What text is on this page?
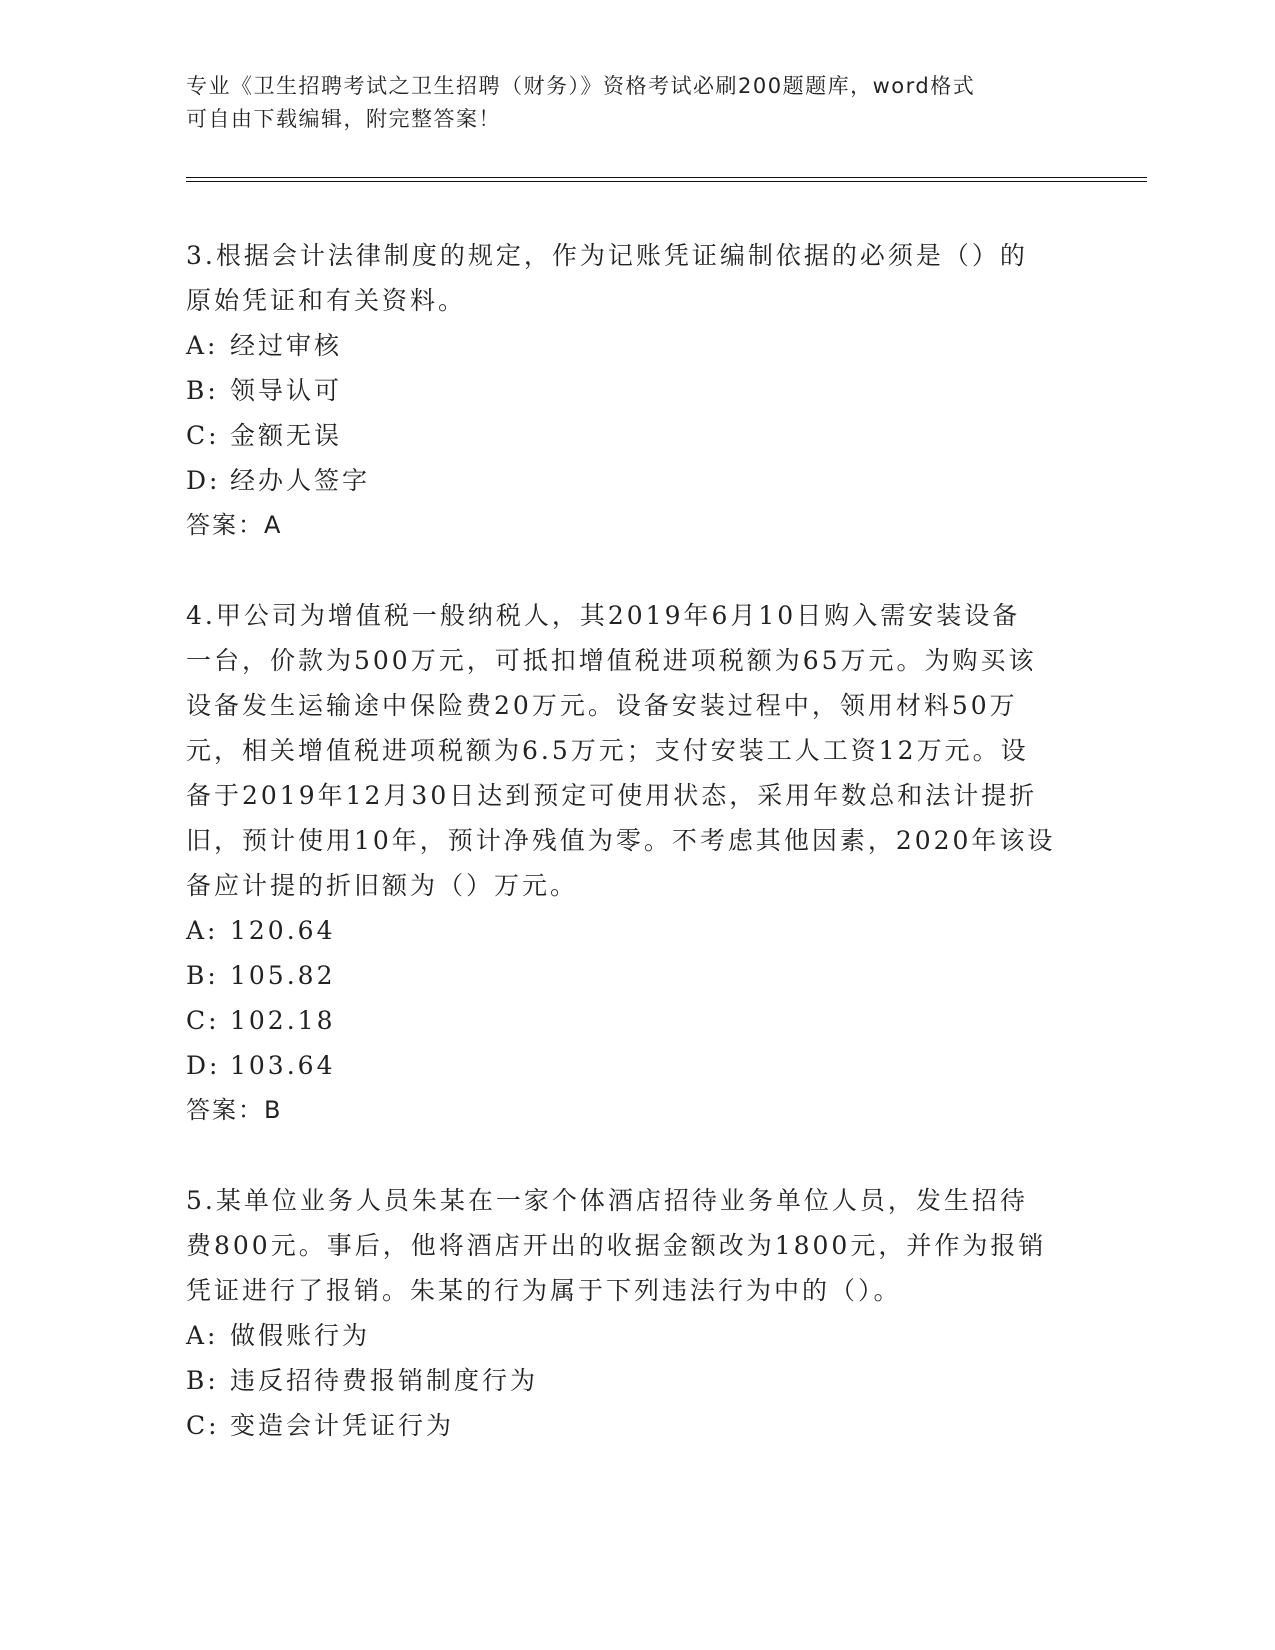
专业《卫生招聘考试之卫生招聘（财务）》资格考试必刷200题题库，word格式
可自由下载编辑，附完整答案！

3.根据会计法律制度的规定，作为记账凭证编制依据的必须是（）的
原始凭证和有关资料。

A: 经过审核

B: 领导认可

C: 金额无误

D: 经办人签字

答案：A

4.甲公司为增值税一般纳税人，其2019年6月10日购入需安装设备
一台，价款为500万元，可抵扣增值税进项税额为65万元。为购买该
设备发生运输途中保险费20万元。设备安装过程中，领用材料50万
元，相关增值税进项税额为6.5万元；支付安装工人工资12万元。设
备于2019年12月30日达到预定可使用状态，采用年数总和法计提折
旧，预计使用10年，预计净残值为零。不考虑其他因素，2020年该设
备应计提的折旧额为（）万元。

A: 120.64

B: 105.82

C: 102.18

D: 103.64

答案：B

5.某单位业务人员朱某在一家个体酒店招待业务单位人员，发生招待
费800元。事后，他将酒店开出的收据金额改为1800元，并作为报销
凭证进行了报销。朱某的行为属于下列违法行为中的（）。

A: 做假账行为

B: 违反招待费报销制度行为

C: 变造会计凭证行为
